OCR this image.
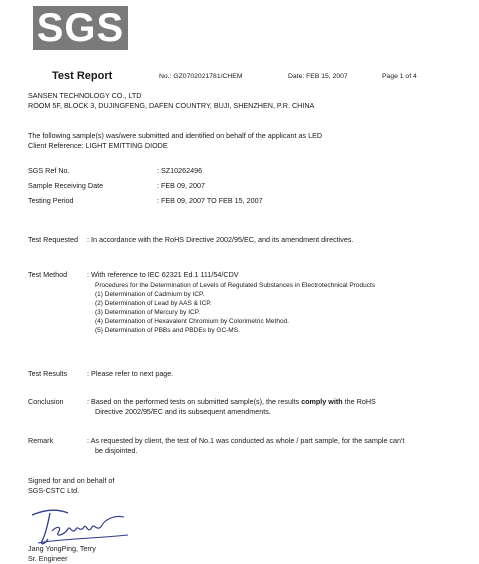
SGS
Test Report	No.: GZ0702021781/CHEM	Date: FEB 15, 2007	Page 1 of 4
SANSEN TECHNOLOGY CO., LTD
ROOM 5F, BLOCK 3, DUJINGFENG, DAFEN COUNTRY, BUJI, SHENZHEN, P.R. CHINA
The following sample(s) was/were submitted and identified on behalf of the applicant as LED
Client Reference: LIGHT EMITTING DIODE
SGS Ref No.	: SZ10262496
Sample Receiving Date	: FEB 09, 2007
Testing Period	: FEB 09, 2007 TO FEB 15, 2007
Test Requested : In accordance with the RoHS Directive 2002/95/EC, and its amendment directives.
Test Method	: With reference to IEC 62321 Ed.1 111/54/CDV
Procedures for the Determination of Levels of Regulated Substances in Electrotechnical Products
(1) Determination of Cadmium by ICP.
(2) Determination of Lead by AAS & ICP.
(3) Determination of Mercury by ICP.
(4) Determination of Hexavalent Chromium by Colorimetric Method.
(5) Determination of PBBs and PBDEs by GC-MS.
Test Results	: Please refer to next page.
Conclusion	: Based on the performed tests on submitted sample(s), the results comply with the RoHS
Directive 2002/95/EC and its subsequent amendments.
Remark	: As requested by client, the test of No.1 was conducted as whole / part sample, for the sample can't
be disjointed.
Signed for and on behalf of
SGS-CSTC Ltd.
Jang YongPing, Terry
Sr. Engineer
